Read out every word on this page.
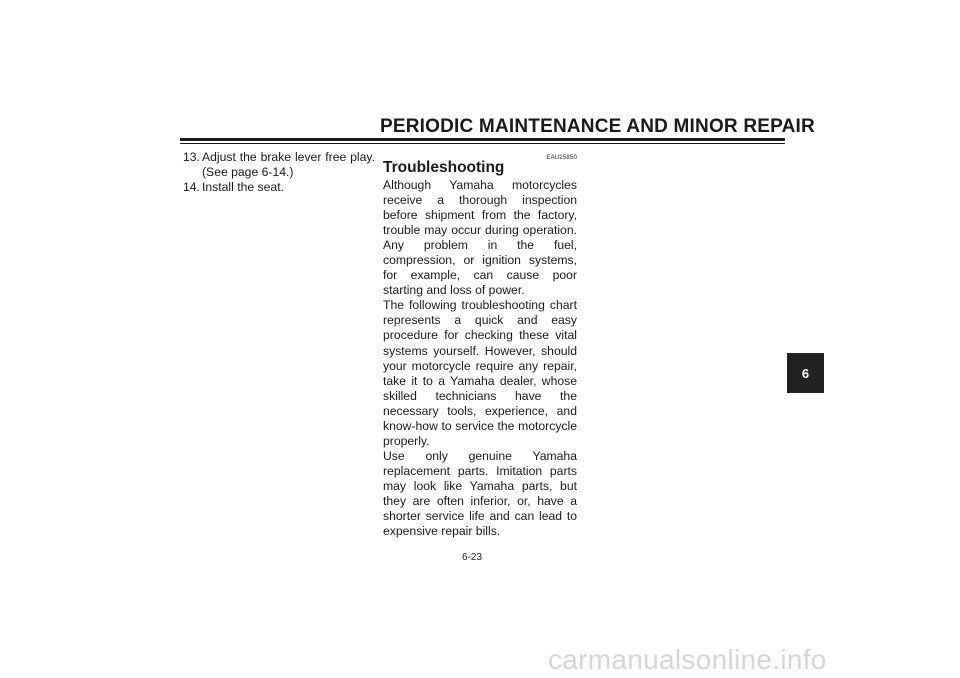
PERIODIC MAINTENANCE AND MINOR REPAIR
13. Adjust the brake lever free play. (See page 6-14.)
14. Install the seat.
EAU25850
Troubleshooting

Although Yamaha motorcycles receive a thorough inspection before shipment from the factory, trouble may occur during operation. Any problem in the fuel, compression, or ignition systems, for example, can cause poor starting and loss of power.

The following troubleshooting chart represents a quick and easy procedure for checking these vital systems yourself. However, should your motorcycle require any repair, take it to a Yamaha dealer, whose skilled technicians have the necessary tools, experience, and know-how to service the motorcycle properly.

Use only genuine Yamaha replacement parts. Imitation parts may look like Yamaha parts, but they are often inferior, or, have a shorter service life and can lead to expensive repair bills.

6-23
6
carmanualsonline.info
